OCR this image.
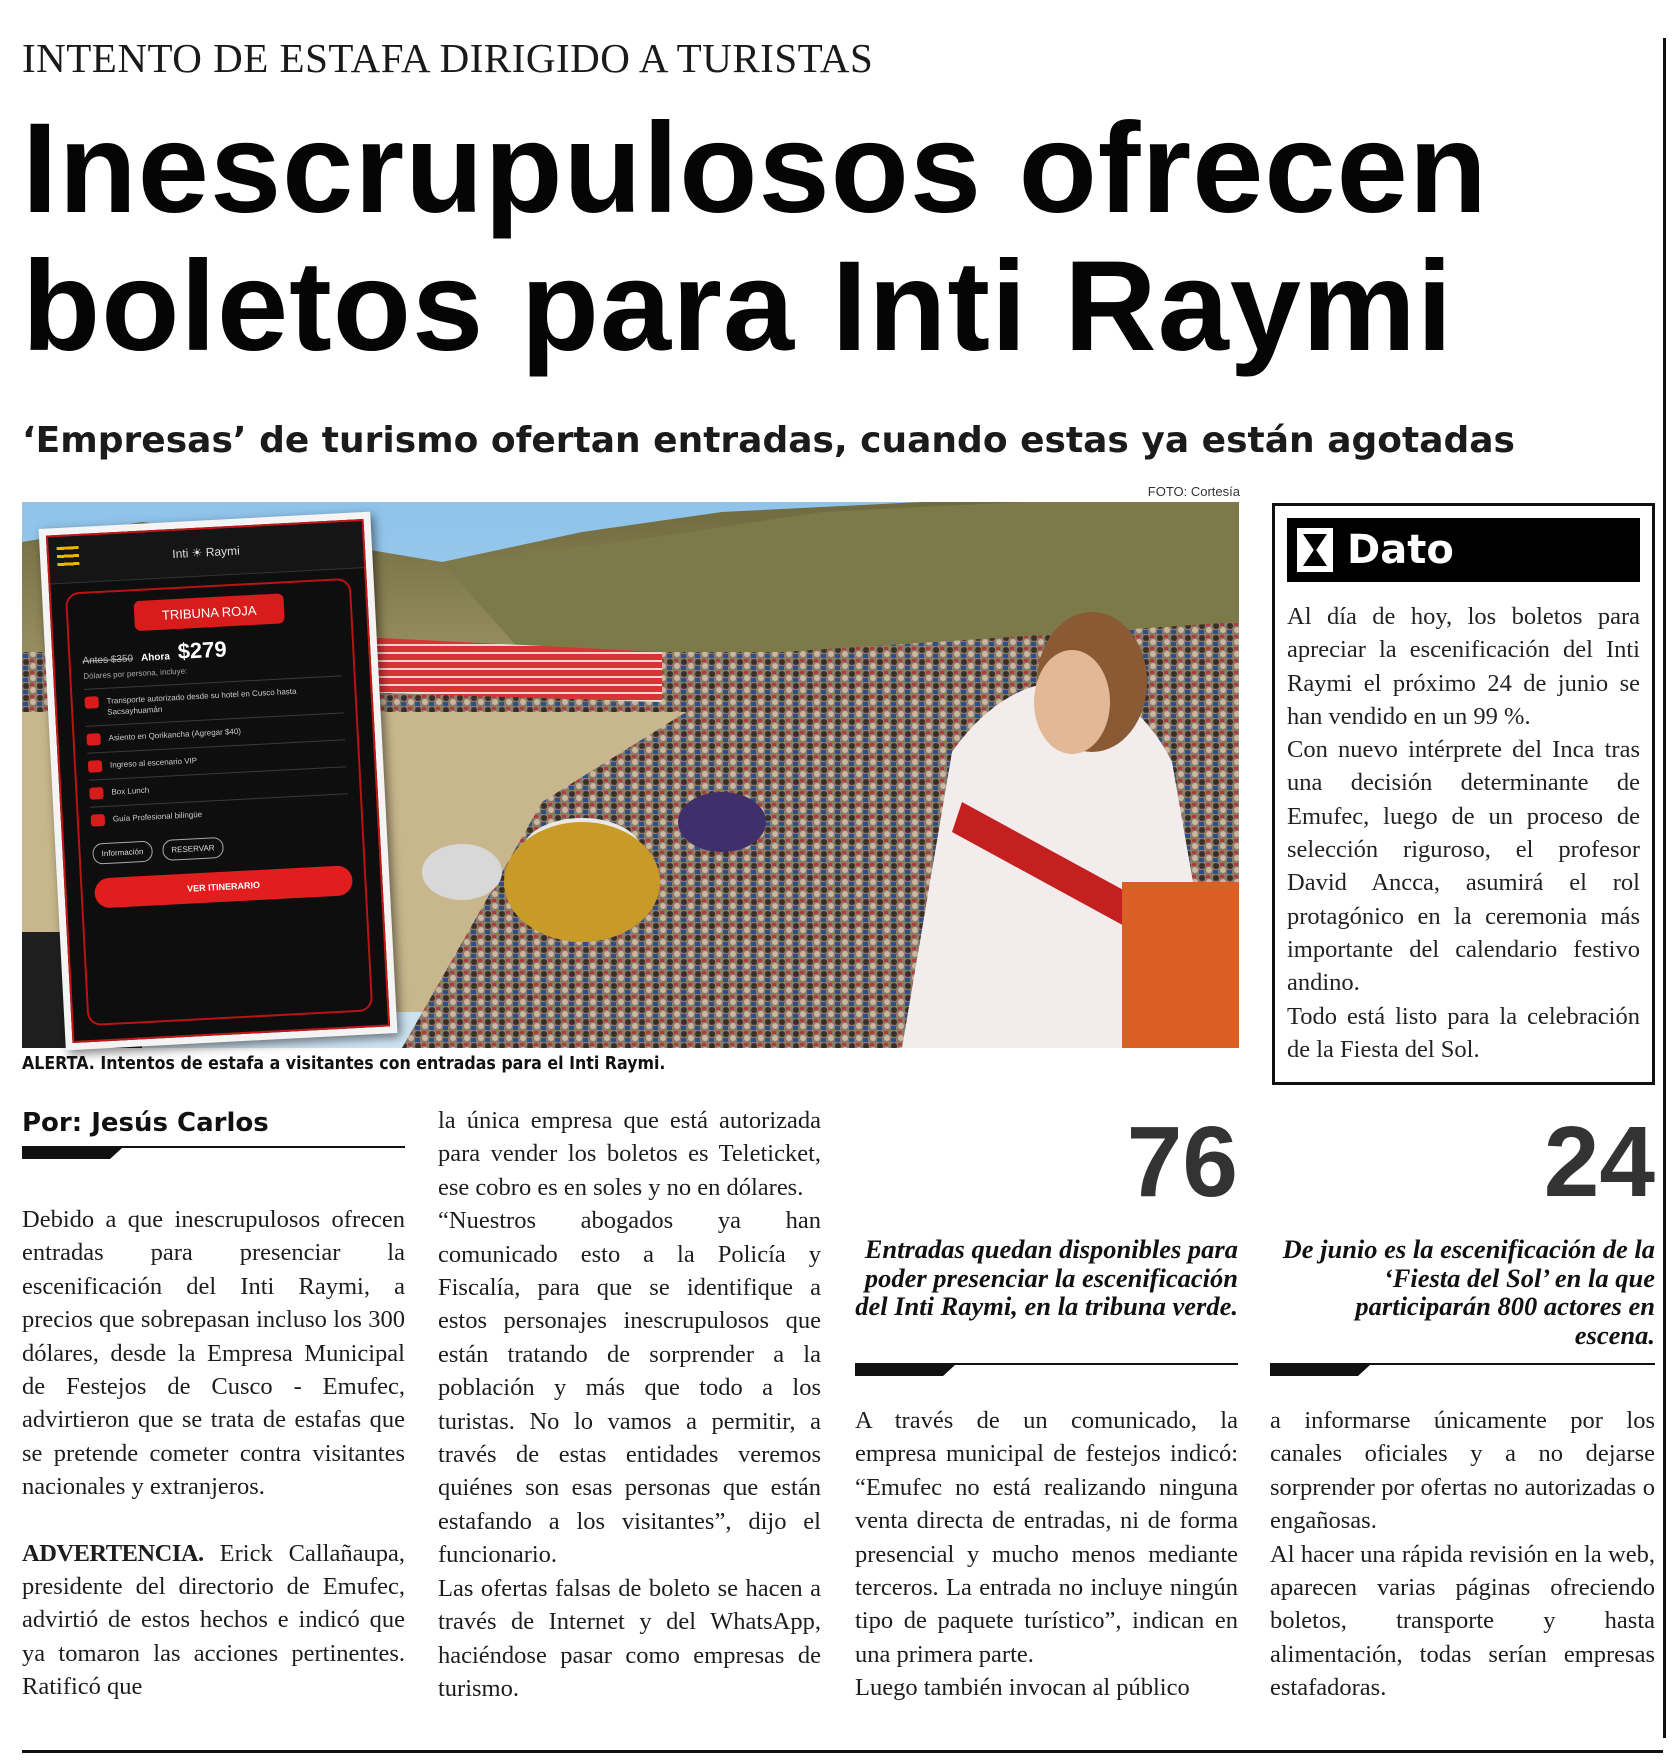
INTENTO DE ESTAFA DIRIGIDO A TURISTAS
Inescrupulosos ofrecen
boletos para Inti Raymi
‘Empresas’ de turismo ofertan entradas, cuando estas ya están agotadas
FOTO: Cortesía
Inti ☀ Raymi
TRIBUNA ROJA
Antes $350 Ahora $279
Dólares por persona, incluye:
Transporte autorizado desde su hotel en Cusco hasta Sacsayhuamán
Asiento en Qorikancha (Agregar $40)
Ingreso al escenario VIP
Box Lunch
Guía Profesional bilingüe
Información	RESERVAR
VER ITINERARIO
ALERTA. Intentos de estafa a visitantes con entradas para el Inti Raymi.
Dato

Al día de hoy, los boletos para apreciar la escenificación del Inti Raymi el próximo 24 de junio se han vendido en un 99 %.

Con nuevo intérprete del Inca tras una decisión determinante de Emufec, luego de un proceso de selección riguroso, el profesor David Ancca, asumirá el rol protagónico en la ceremonia más importante del calendario festivo andino.

Todo está listo para la celebración de la Fiesta del Sol.

Por: Jesús Carlos

Debido a que inescrupulosos ofrecen entradas para presenciar la escenificación del Inti Raymi, a precios que sobrepasan incluso los 300 dólares, desde la Empresa Municipal de Festejos de Cusco - Emufec, advirtieron que se trata de estafas que se pretende cometer contra visitantes nacionales y extranjeros.

ADVERTENCIA. Erick Callañaupa, presidente del directorio de Emufec, advirtió de estos hechos e indicó que ya tomaron las acciones pertinentes. Ratificó que

la única empresa que está autorizada para vender los boletos es Teleticket, ese cobro es en soles y no en dólares.

“Nuestros abogados ya han comunicado esto a la Policía y Fiscalía, para que se identifique a estos personajes inescrupulosos que están tratando de sorprender a la población y más que todo a los turistas. No lo vamos a permitir, a través de estas entidades veremos quiénes son esas personas que están estafando a los visitantes”, dijo el funcionario.

Las ofertas falsas de boleto se hacen a través de Internet y del WhatsApp, haciéndose pasar como empresas de turismo.

76
Entradas quedan disponibles para poder presenciar la escenificación del Inti Raymi, en la tribuna verde.
24
De junio es la escenificación de la ‘Fiesta del Sol’ en la que participarán 800 actores en escena.

A través de un comunicado, la empresa municipal de festejos indicó: “Emufec no está realizando ninguna venta directa de entradas, ni de forma presencial y mucho menos mediante terceros. La entrada no incluye ningún tipo de paquete turístico”, indican en una primera parte.

Luego también invocan al público

a informarse únicamente por los canales oficiales y a no dejarse sorprender por ofertas no autorizadas o engañosas.

Al hacer una rápida revisión en la web, aparecen varias páginas ofreciendo boletos, transporte y hasta alimentación, todas serían empresas estafadoras.
